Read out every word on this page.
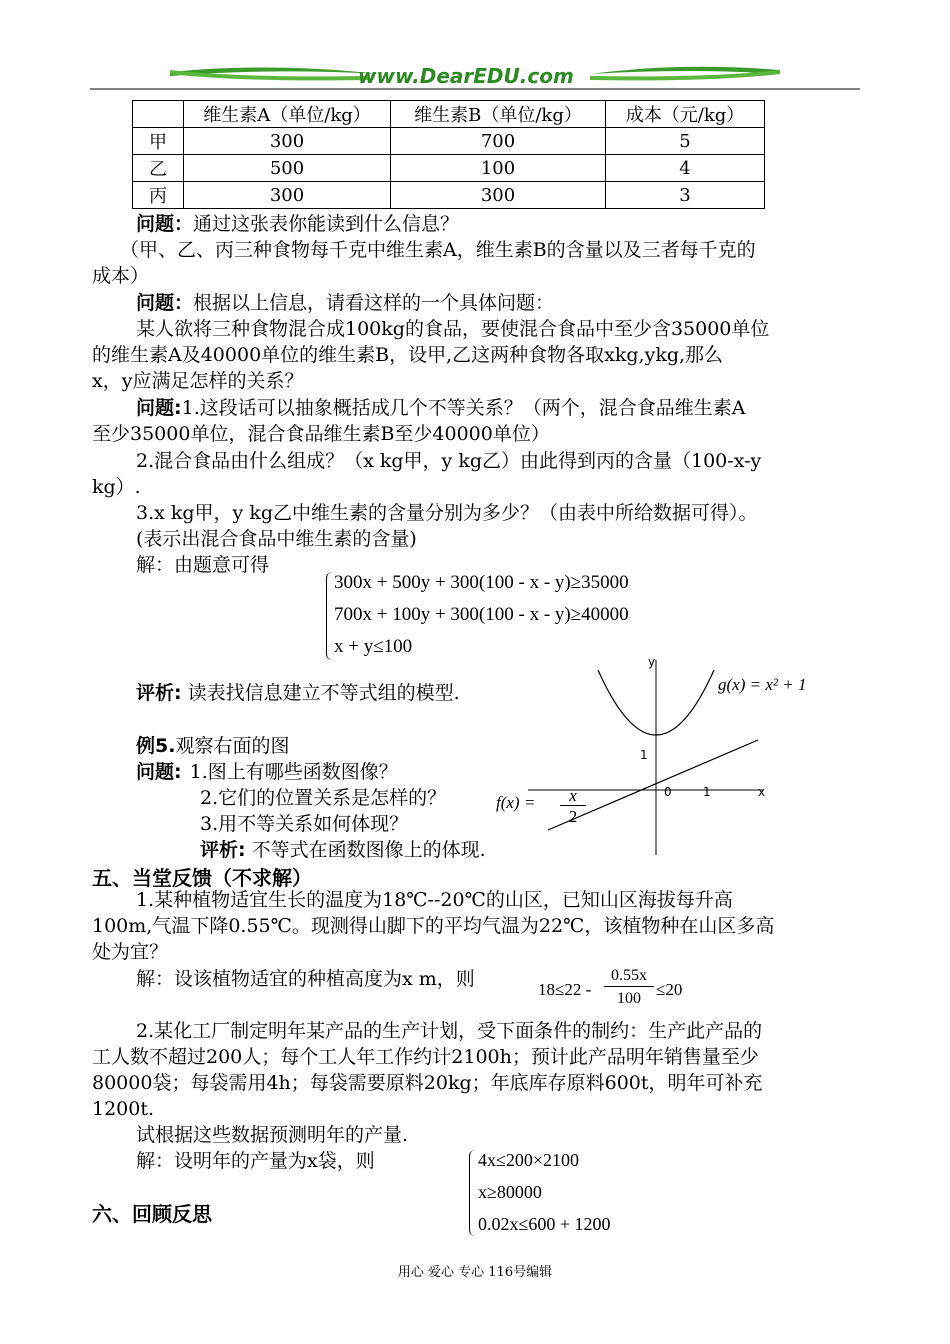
www.DearEDU.com
	维生素A（单位/kg）	维生素B（单位/kg）	成本（元/kg）
甲	300	700	5
乙	500	100	4
丙	300	300	3
问题：通过这张表你能读到什么信息？
（甲、乙、丙三种食物每千克中维生素A，维生素B的含量以及三者每千克的
成本）
问题：根据以上信息，请看这样的一个具体问题：
某人欲将三种食物混合成100kg的食品，要使混合食品中至少含35000单位
的维生素A及40000单位的维生素B，设甲,乙这两种食物各取xkg,ykg,那么
x，y应满足怎样的关系？
问题:1.这段话可以抽象概括成几个不等关系？（两个，混合食品维生素A
至少35000单位，混合食品维生素B至少40000单位）
2.混合食品由什么组成？（x kg甲，y kg乙）由此得到丙的含量（100-x-y
kg）.
3.x kg甲，y kg乙中维生素的含量分别为多少？（由表中所给数据可得）。
(表示出混合食品中维生素的含量)
解：由题意可得
300x + 500y + 300(100 - x - y)≥35000
700x + 100y + 300(100 - x - y)≥40000
x + y≤100
评析: 读表找信息建立不等式组的模型.
例5.观察右面的图
问题: 1.图上有哪些函数图像？
2.它们的位置关系是怎样的？
3.用不等关系如何体现？
评析: 不等式在函数图像上的体现.
y
x
1
0	1
g(x) = x² + 1
f(x) =	x
2
五、当堂反馈（不求解）
1.某种植物适宜生长的温度为18℃--20℃的山区，已知山区海拔每升高
100m,气温下降0.55℃。现测得山脚下的平均气温为22℃，该植物种在山区多高
处为宜？
解：设该植物适宜的种植高度为x m，则	18≤22 -
0.55x
100 ≤20
2.某化工厂制定明年某产品的生产计划，受下面条件的制约：生产此产品的
工人数不超过200人；每个工人年工作约计2100h；预计此产品明年销售量至少
80000袋；每袋需用4h；每袋需要原料20kg；年底库存原料600t，明年可补充
1200t.
试根据这些数据预测明年的产量.
解：设明年的产量为x袋，则	4x≤200×2100
x≥80000
0.02x≤600 + 1200
六、回顾反思
用心 爱心 专心 116号编辑
